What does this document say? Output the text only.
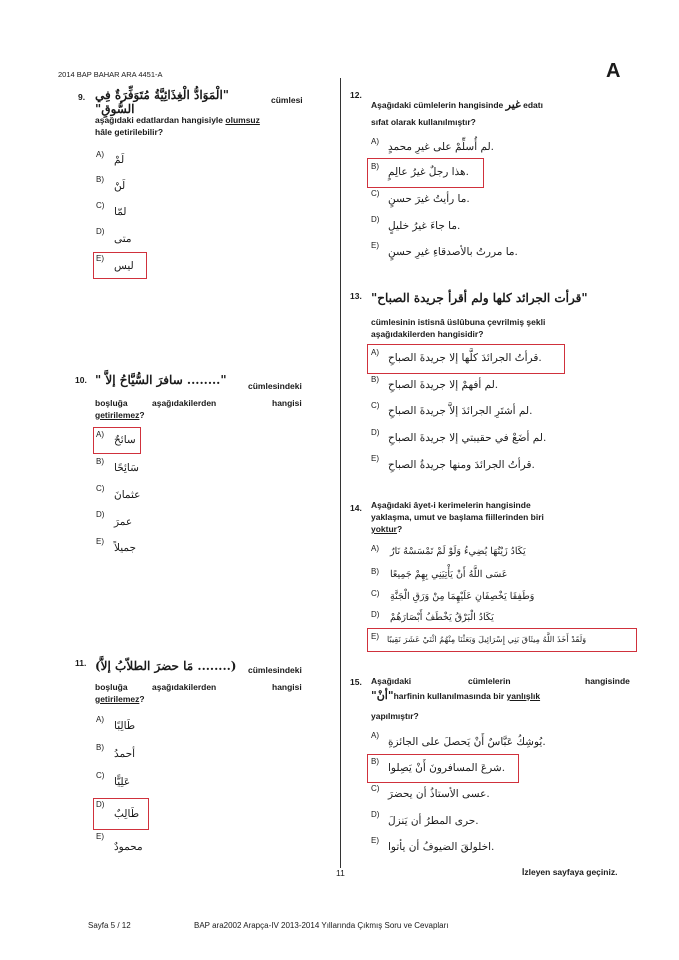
2014 BAP BAHAR ARA 4451-A	A
9. "الْمَوَادُّ الْغِذَائِيَّةُ مُتَوَفِّرَةٌ فِي السُّوقِ"
cümlesi
aşağıdaki edatlardan hangisiyle olumsuz
hâle getirilebilir?
A) لَمْ
B)
لَنْ
C)
لمّا
D)
متى
E)
ليس
10. "........ سافرَ السُّيَّاحُ إلاَّ "	cümlesindeki
boşluğa	aşağıdakilerden	hangisi
getirilemez?
A) سائحٌ
B)
سَائِحًا
C)
عثمانَ
D)
عمرَ
E)
جميلاً
11. (........ مَا حضرَ الطلاّبُ إلاَّ)	cümlesindeki
boşluğa	aşağıdakilerden	hangisi
getirilemez?
A)
طَالِبًا
B)
أحمدُ
C)
عَلِيًّا
D)
طَالِبٌ
E)
محمودٌ
12.
Aşağıdaki cümlelerin hangisinde غير edatı
sıfat olarak kullanılmıştır?
A) لم أُسلِّمْ على غيرِ محمدٍ.
B) هذا رجلٌ غيرُ عالِمٍ.
C) ما رأيتُ غيرَ حسنٍ.
D)
ما جاءَ غيرُ خليلٍ.
E)
ما مررتُ بالأصدقاءِ غيرِ حسنٍ.
13. "قرأت الجرائد كلها ولم أقرأ جريدة الصباح"
cümlesinin istisnâ üslûbuna çevrilmiş şekli
aşağıdakilerden hangisidir?
A) قرأتُ الجرائدَ كلَّها إلا جريدةَ الصباحِ.
B) لم أفهمْ إلا جريدةَ الصباحِ.
C) لم أشتَرِ الجرائدَ إلاَّ جريدةَ الصباحِ.
D) لم أضَعْ في حقيبتي إلا جريدةَ الصباحِ.
E)
قرأتُ الجرائدَ ومنها جريدةُ الصباحِ.
14. Aşağıdaki âyet-i kerimelerin hangisinde
yaklaşma, umut ve başlama fiillerinden biri
yoktur?
A) يَكَادُ زَيْتُهَا يُضِيءُ وَلَوْ لَمْ تَمْسَسْهُ نَارٌ
B) عَسَى اللَّهُ أَنْ يَأْتِيَنِي بِهِمْ جَمِيعًا
C) وَطَفِقَا يَخْصِفَانِ عَلَيْهِمَا مِنْ وَرَقِ الْجَنَّةِ
D) يَكَادُ الْبَرْقُ يَخْطَفُ أَبْصَارَهُمْ
E) وَلَقَدْ أَخَذَ اللَّهُ مِيثَاقَ بَنِي إِسْرَائِيلَ وَبَعَثْنَا مِنْهُمُ اثْنَيْ عَشَرَ نَقِيبًا
15. Aşağıdaki	cümlelerin	hangisinde
"أنْ"harfinin kullanılmasında bir yanlışlık
yapılmıştır?
A)
يُوشِكُ عَبَّاسٌ أَنْ يَحصلَ على الجائزةِ.
B)
شرعَ المسافرونَ أَنْ يَصِلوا.
C) عسى الأستاذُ أن يحضرَ.
D)
حرى المطرُ أن يَنزلَ.
E)
اخلولقَ الضيوفُ أن يأتوا.
11	İzleyen sayfaya geçiniz.
Sayfa 5 / 12	BAP ara2002 Arapça-IV 2013-2014 Yıllarında Çıkmış Soru ve Cevapları
